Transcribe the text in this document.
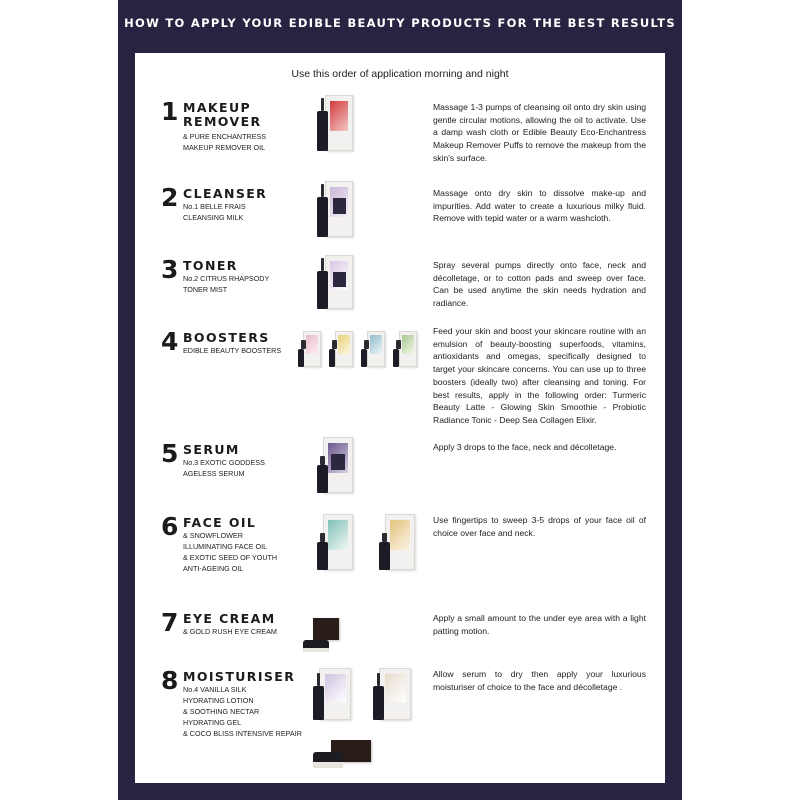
HOW TO APPLY YOUR EDIBLE BEAUTY PRODUCTS FOR THE BEST RESULTS
Use this order of application morning and night
1 MAKEUP
REMOVER
& PURE ENCHANTRESS
MAKEUP REMOVER OIL
Massage 1-3 pumps of cleansing oil onto dry skin using gentle circular motions, allowing the oil to activate. Use a damp wash cloth or Edible Beauty Eco-Enchantress Makeup Remover Puffs to remove the makeup from the skin's surface.
2 CLEANSER
No.1 BELLE FRAIS
CLEANSING MILK
Massage onto dry skin to dissolve make-up and impurities. Add water to create a luxurious milky fluid. Remove with tepid water or a warm washcloth.
3 TONER
No.2 CITRUS RHAPSODY
TONER MIST
Spray several pumps directly onto face, neck and décolletage, or to cotton pads and sweep over face. Can be used anytime the skin needs hydration and radiance.
4 BOOSTERS
EDIBLE BEAUTY BOOSTERS
Feed your skin and boost your skincare routine with an emulsion of beauty-boosting superfoods, vitamins, antioxidants and omegas, specifically designed to target your skincare concerns. You can use up to three boosters (ideally two) after cleansing and toning. For best results, apply in the following order: Turmeric Beauty Latte - Glowing Skin Smoothie - Probiotic Radiance Tonic - Deep Sea Collagen Elixir.
5 SERUM
No.3 EXOTIC GODDESS
AGELESS SERUM
Apply 3 drops to the face, neck and décolletage.
6 FACE OIL
& SNOWFLOWER
ILLUMINATING FACE OIL
& EXOTIC SEED OF YOUTH
ANTI-AGEING OIL
Use fingertips to sweep 3-5 drops of your face oil of choice over face and neck.
7 EYE CREAM
& GOLD RUSH EYE CREAM
Apply a small amount to the under eye area with a light patting motion.
8 MOISTURISER
No.4 VANILLA SILK
HYDRATING LOTION
& SOOTHING NECTAR
HYDRATING GEL
& COCO BLISS INTENSIVE REPAIR
Allow serum to dry then apply your luxurious moisturiser of choice to the face and décolletage .
